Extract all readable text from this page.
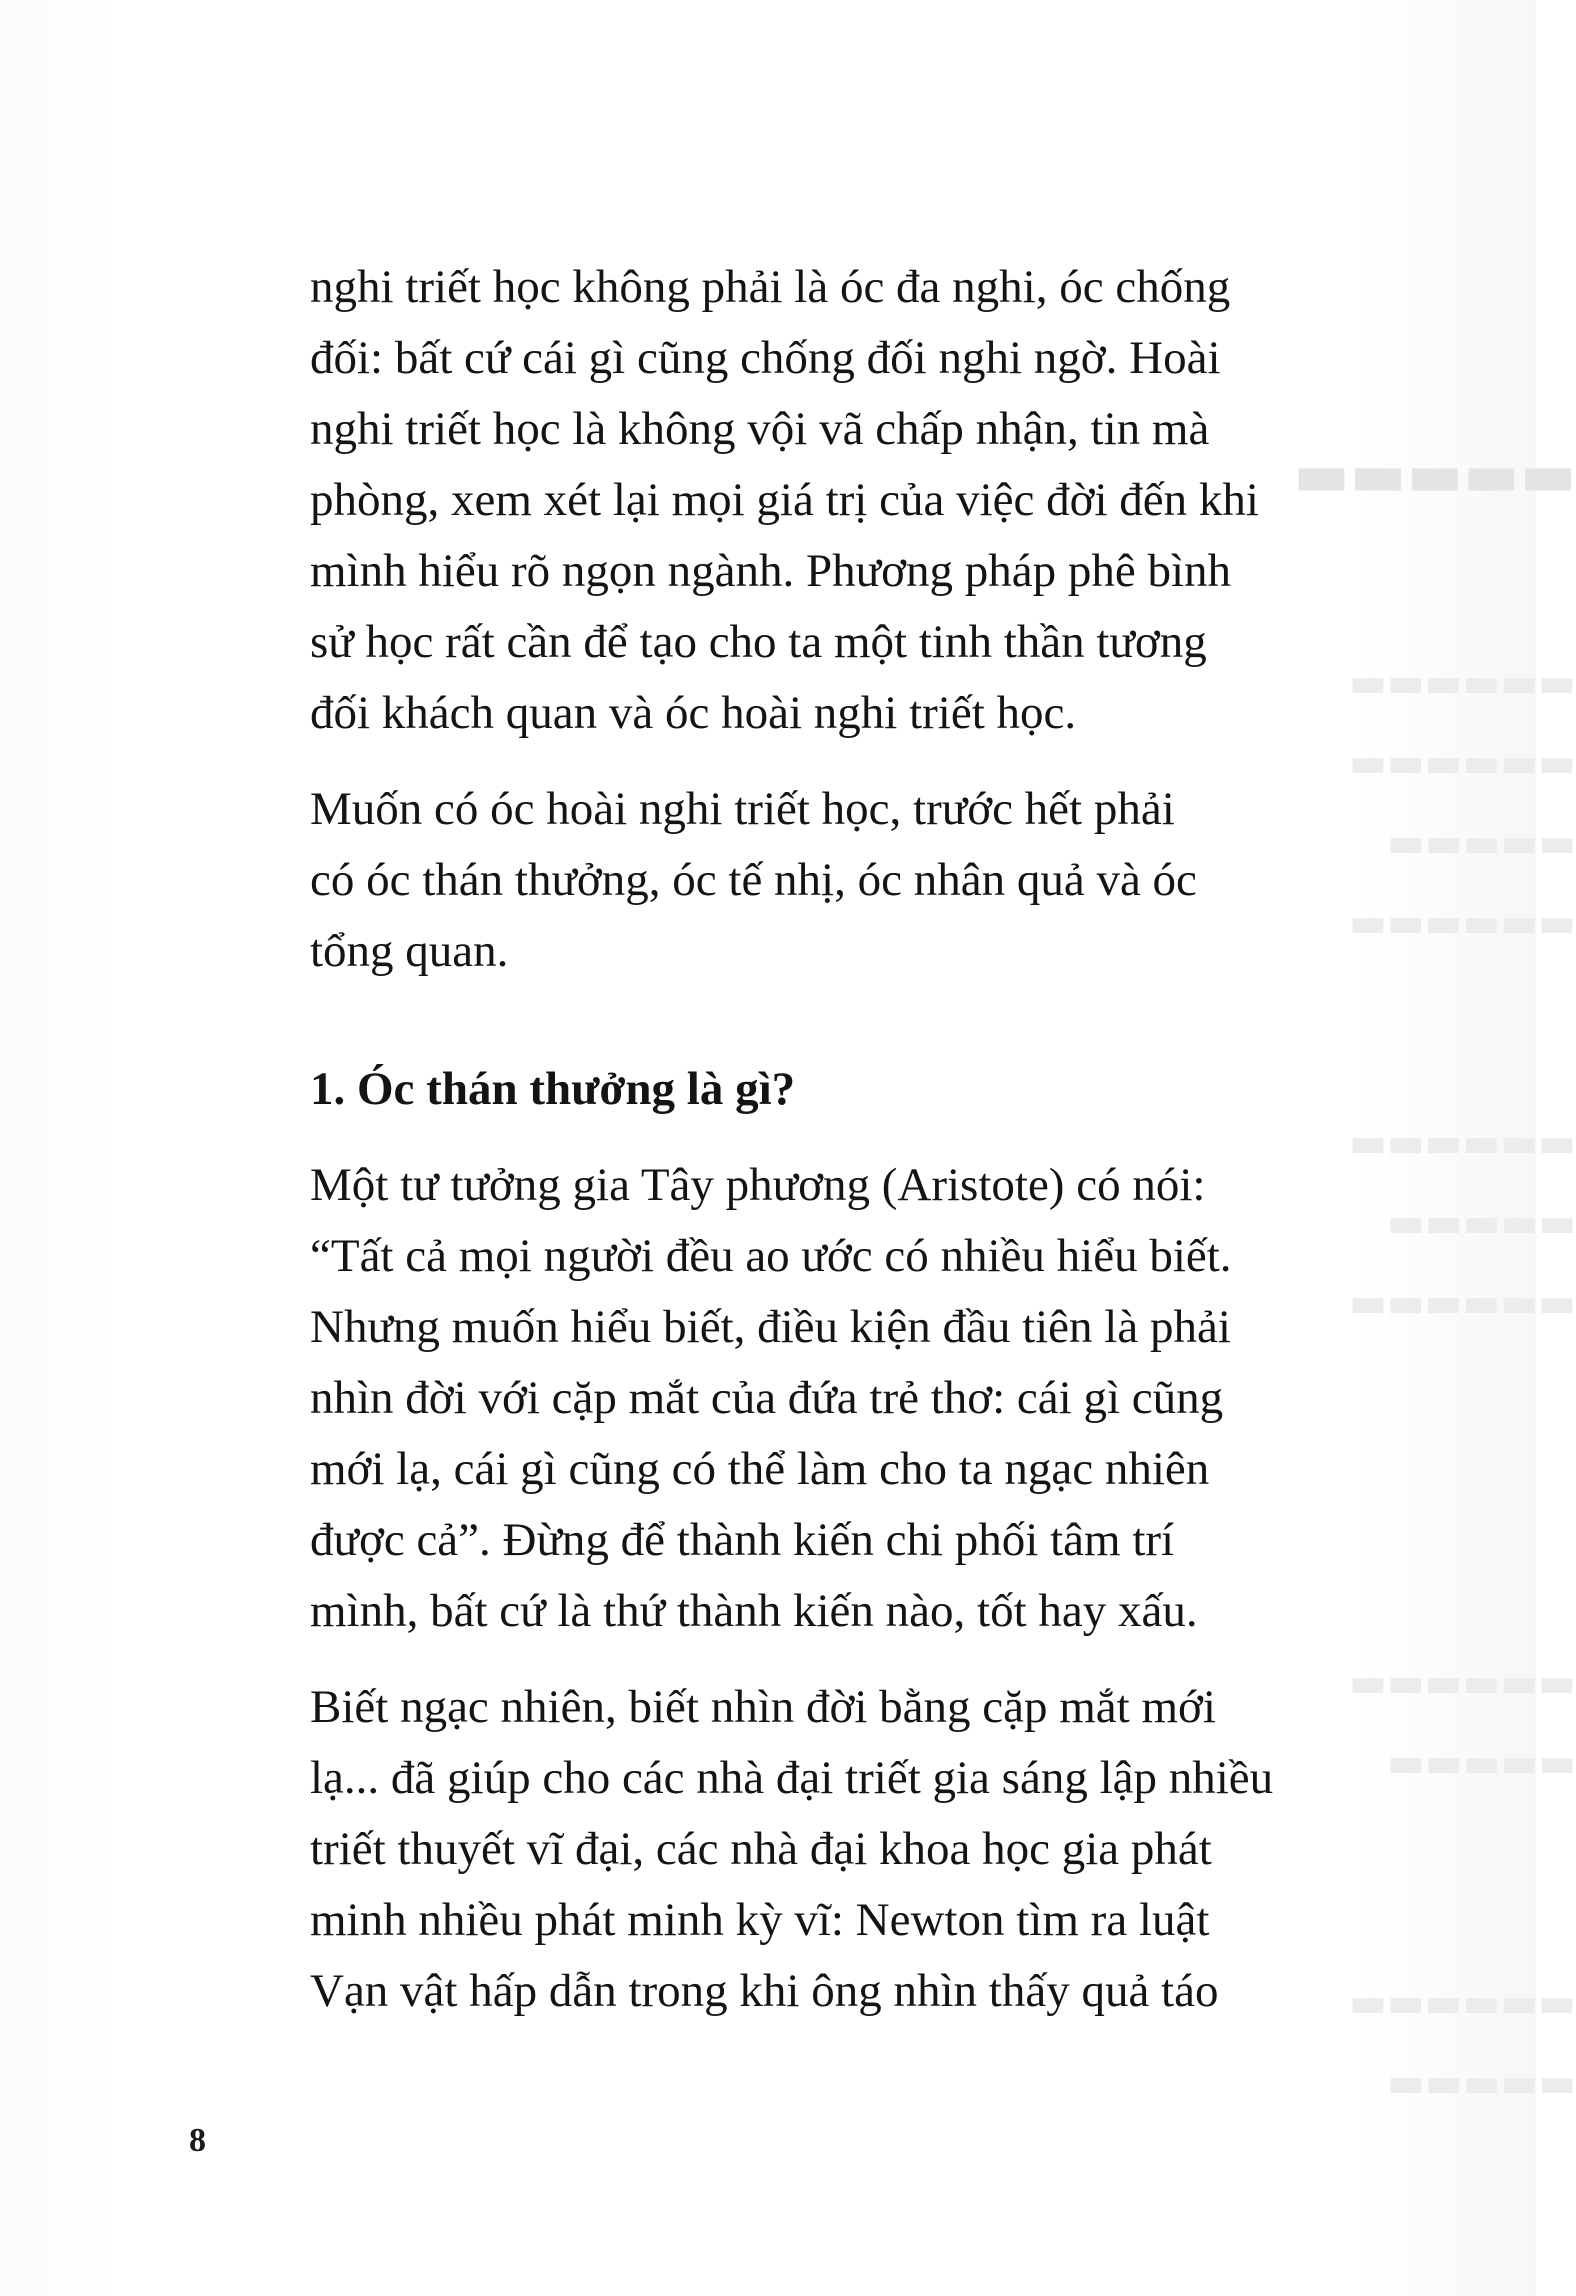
▬▬▬▬▬
▬▬▬▬▬▬
▬▬▬▬▬▬
▬▬▬▬▬
▬▬▬▬▬▬
▬▬▬▬▬▬
▬▬▬▬▬
▬▬▬▬▬▬
▬▬▬▬▬▬
▬▬▬▬▬
▬▬▬▬▬▬
▬▬▬▬▬

nghi triết học không phải là óc đa nghi, óc chống
đối: bất cứ cái gì cũng chống đối nghi ngờ. Hoài
nghi triết học là không vội vã chấp nhận, tin mà
phòng, xem xét lại mọi giá trị của việc đời đến khi
mình hiểu rõ ngọn ngành. Phương pháp phê bình
sử học rất cần để tạo cho ta một tinh thần tương
đối khách quan và óc hoài nghi triết học.

Muốn có óc hoài nghi triết học, trước hết phải
có óc thán thưởng, óc tế nhị, óc nhân quả và óc
tổng quan.

1. Óc thán thưởng là gì?

Một tư tưởng gia Tây phương (Aristote) có nói:
“Tất cả mọi người đều ao ước có nhiều hiểu biết.
Nhưng muốn hiểu biết, điều kiện đầu tiên là phải
nhìn đời với cặp mắt của đứa trẻ thơ: cái gì cũng
mới lạ, cái gì cũng có thể làm cho ta ngạc nhiên
được cả”. Đừng để thành kiến chi phối tâm trí
mình, bất cứ là thứ thành kiến nào, tốt hay xấu.

Biết ngạc nhiên, biết nhìn đời bằng cặp mắt mới
lạ... đã giúp cho các nhà đại triết gia sáng lập nhiều
triết thuyết vĩ đại, các nhà đại khoa học gia phát
minh nhiều phát minh kỳ vĩ: Newton tìm ra luật
Vạn vật hấp dẫn trong khi ông nhìn thấy quả táo

8
